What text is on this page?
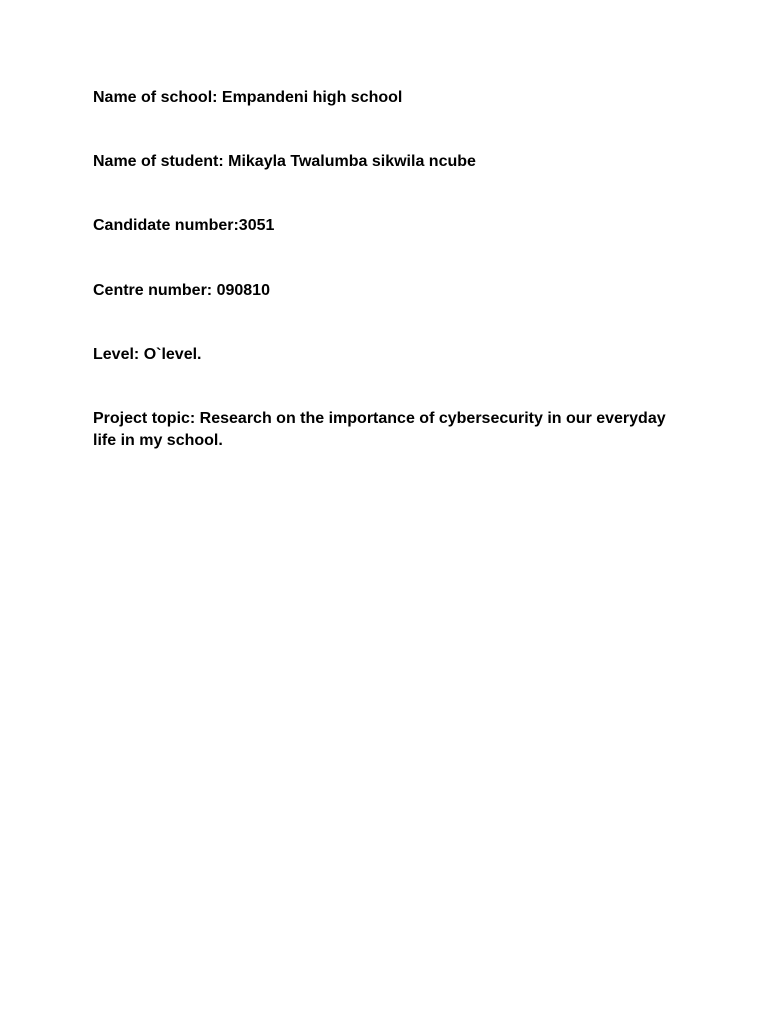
Name of school: Empandeni high school

Name of student: Mikayla Twalumba sikwila ncube

Candidate number:3051

Centre number: 090810

Level: O`level.

Project topic: Research on the importance of cybersecurity in our everyday life in my school.
